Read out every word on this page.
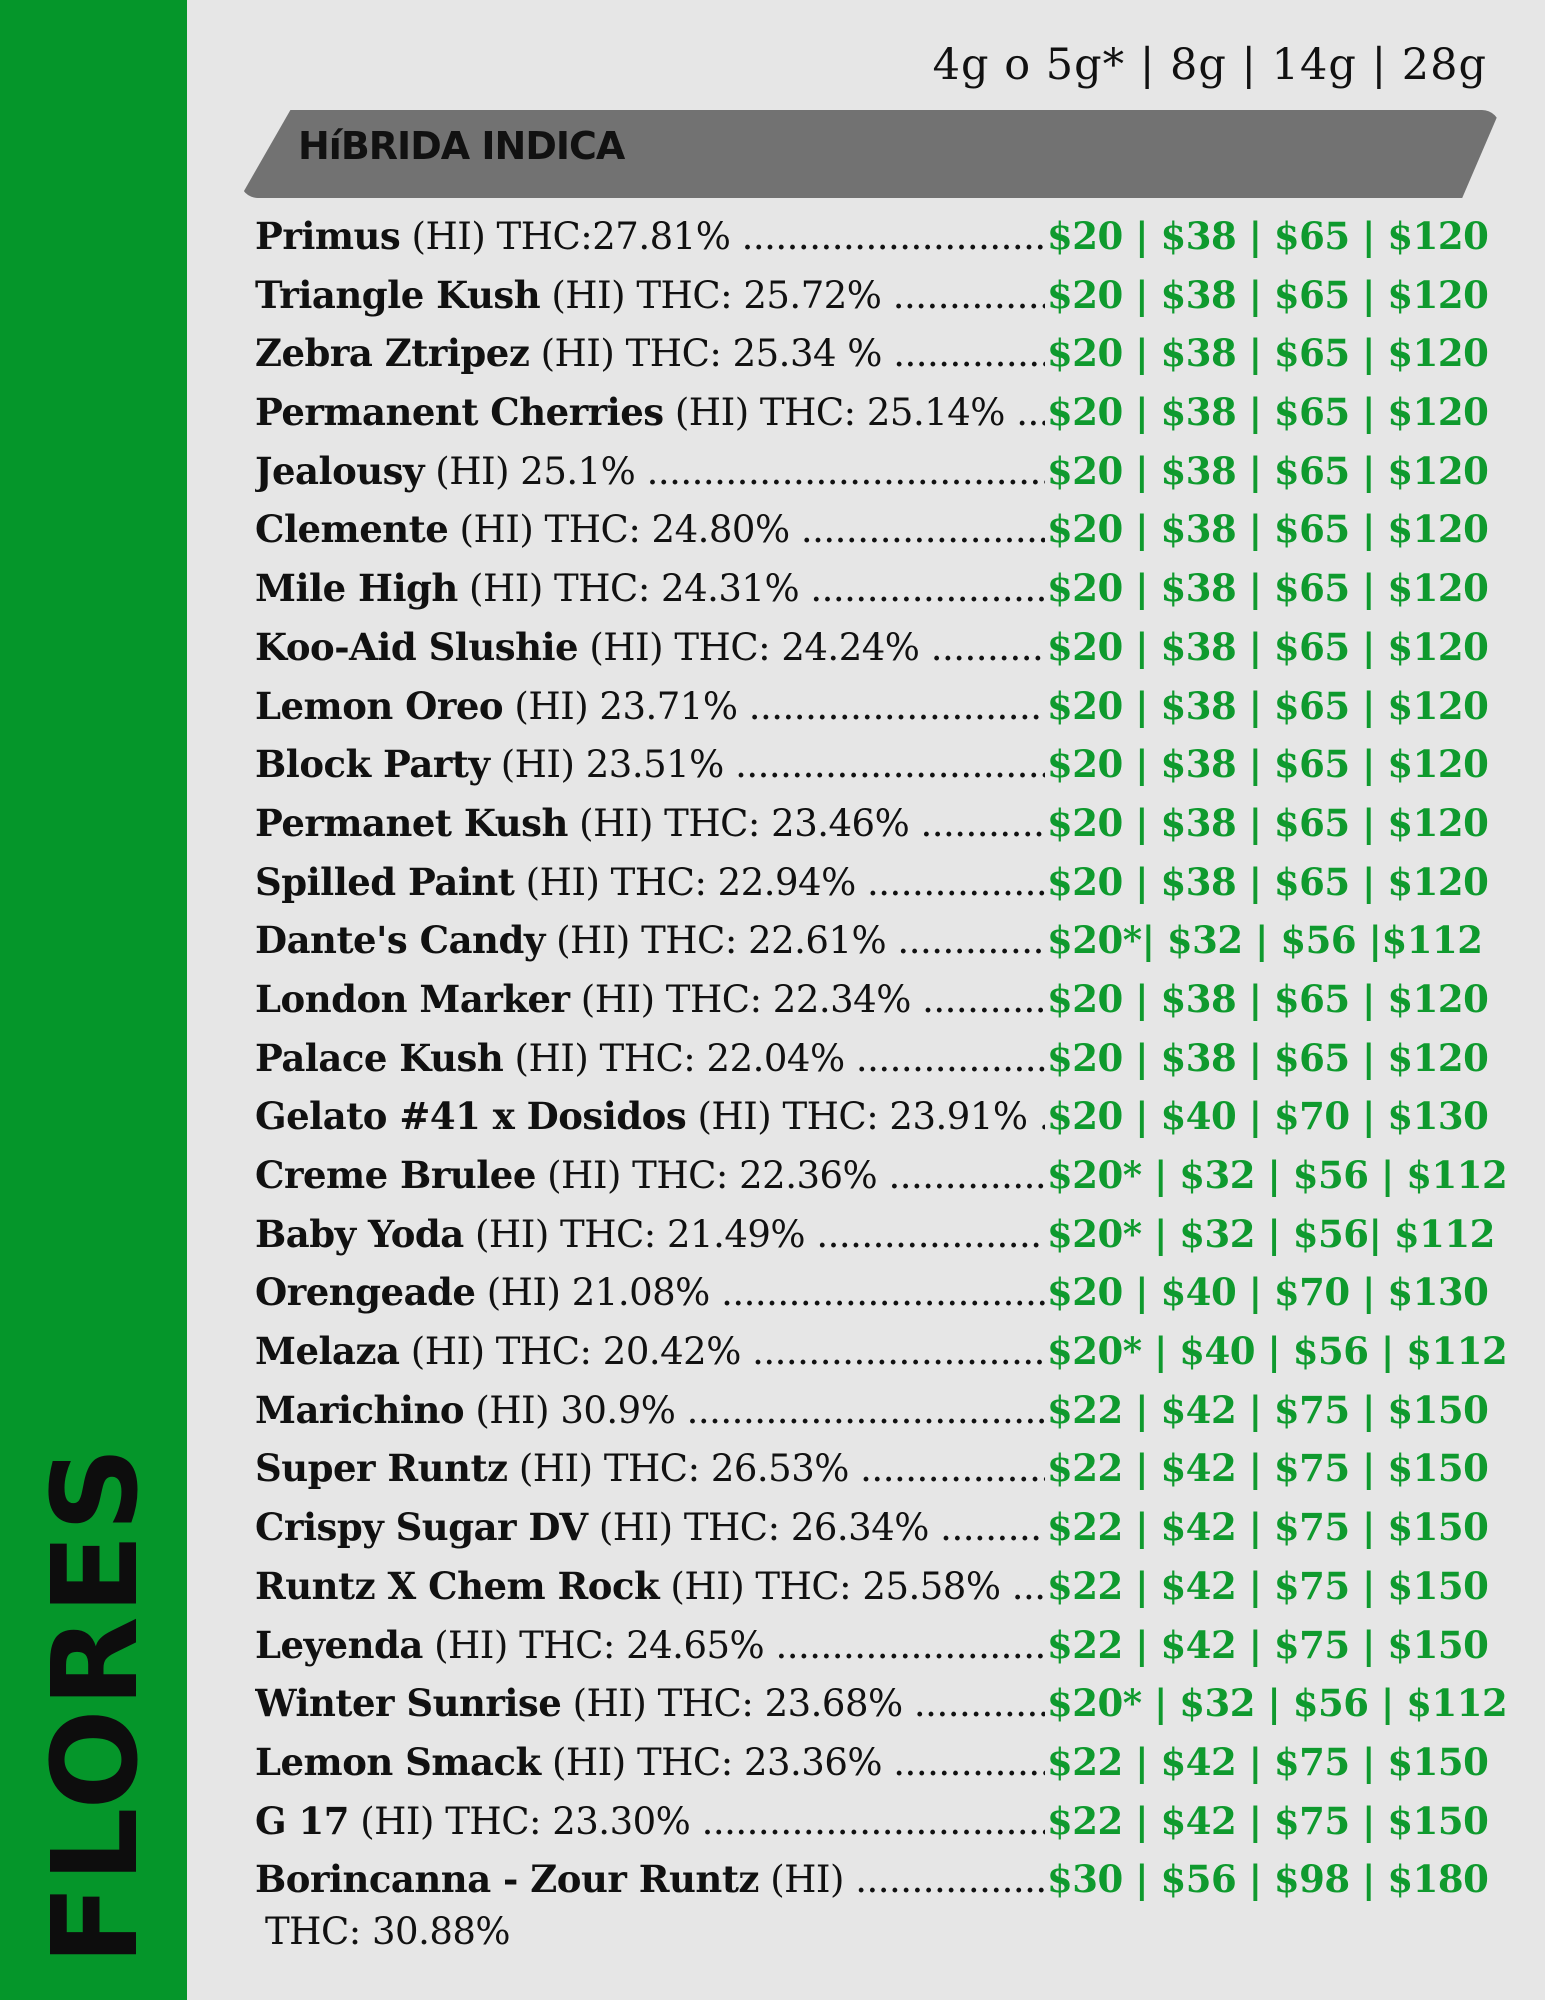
FLORES
4g o 5g* | 8g | 14g | 28g
HíBRIDA INDICA
Primus (HI) THC:27.81% .....	$20 | $38 | $65 | $120
Triangle Kush (HI) THC: 25.72% .....	$20 | $38 | $65 | $120
Zebra Ztripez (HI) THC: 25.34 % .....	$20 | $38 | $65 | $120
Permanent Cherries (HI) THC: 25.14% .....	$20 | $38 | $65 | $120
Jealousy (HI) 25.1% .....	$20 | $38 | $65 | $120
Clemente (HI) THC: 24.80% .....	$20 | $38 | $65 | $120
Mile High (HI) THC: 24.31% .....	$20 | $38 | $65 | $120
Koo-Aid Slushie (HI) THC: 24.24% .....	$20 | $38 | $65 | $120
Lemon Oreo (HI) 23.71% .....	$20 | $38 | $65 | $120
Block Party (HI) 23.51% .....	$20 | $38 | $65 | $120
Permanet Kush (HI) THC: 23.46% .....	$20 | $38 | $65 | $120
Spilled Paint (HI) THC: 22.94% .....	$20 | $38 | $65 | $120
Dante's Candy (HI) THC: 22.61% .....	$20*| $32 | $56 |$112
London Marker (HI) THC: 22.34% .....	$20 | $38 | $65 | $120
Palace Kush (HI) THC: 22.04% .....	$20 | $38 | $65 | $120
Gelato #41 x Dosidos (HI) THC: 23.91% ..... $20 | $40 | $70 | $130
Creme Brulee (HI) THC: 22.36% .....	$20* | $32 | $56 | $112
Baby Yoda (HI) THC: 21.49% .....	$20* | $32 | $56| $112
Orengeade (HI) 21.08% .....	$20 | $40 | $70 | $130
Melaza (HI) THC: 20.42% .....	$20* | $40 | $56 | $112
Marichino (HI) 30.9% .....	$22 | $42 | $75 | $150
Super Runtz (HI) THC: 26.53% .....	$22 | $42 | $75 | $150
Crispy Sugar DV (HI) THC: 26.34% .....	$22 | $42 | $75 | $150
Runtz X Chem Rock (HI) THC: 25.58% .....	$22 | $42 | $75 | $150
Leyenda (HI) THC: 24.65% .....	$22 | $42 | $75 | $150
Winter Sunrise (HI) THC: 23.68% .....	$20* | $32 | $56 | $112
Lemon Smack (HI) THC: 23.36% .....	$22 | $42 | $75 | $150
G 17 (HI) THC: 23.30% .....	$22 | $42 | $75 | $150
Borincanna - Zour Runtz (HI) .....	$30 | $56 | $98 | $180
THC: 30.88%
